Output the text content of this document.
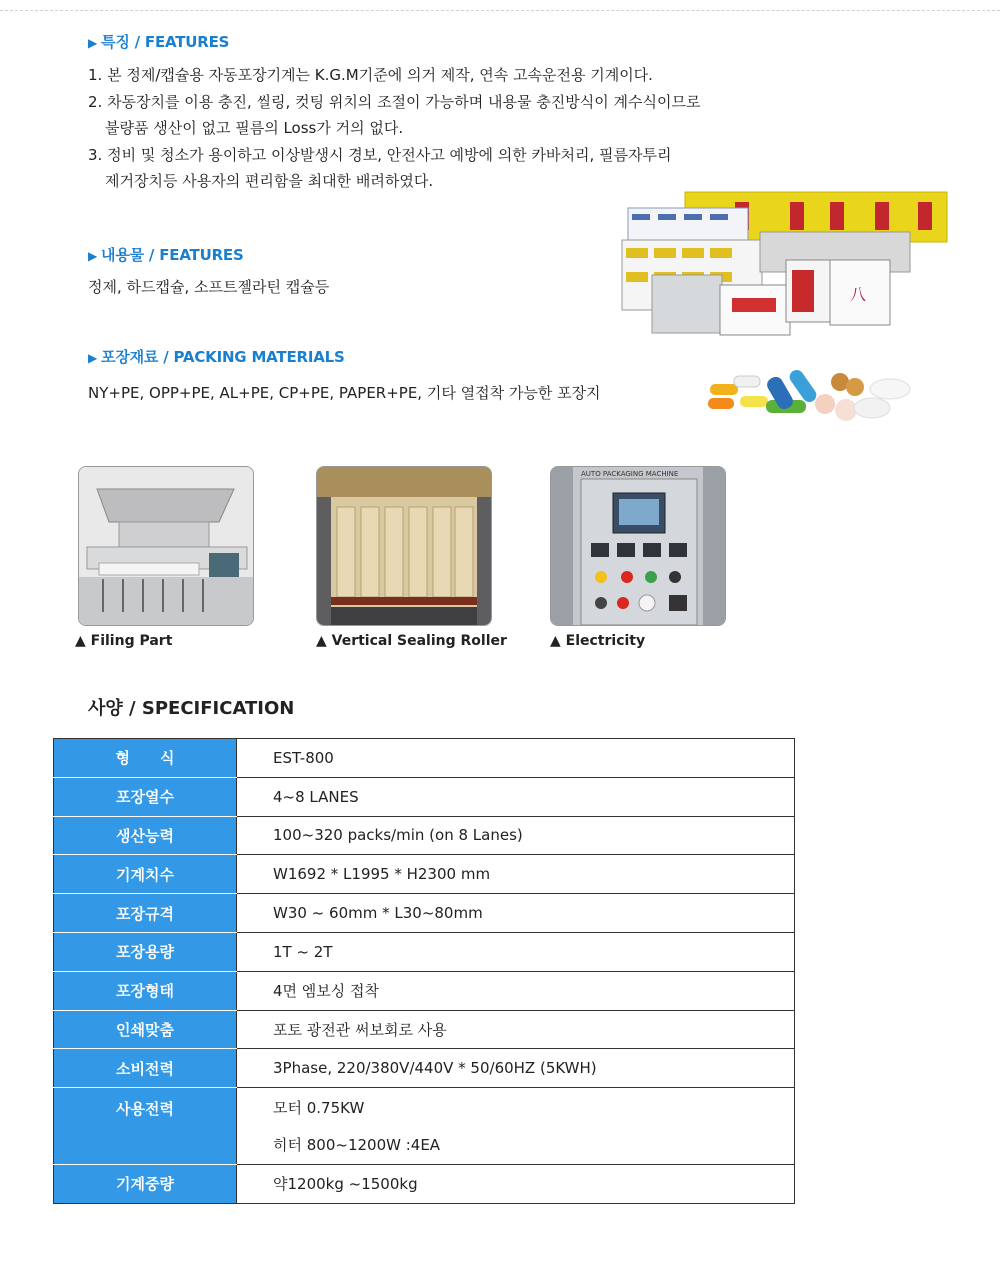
▶ 특징 / FEATURES
1. 본 정제/캡슐용 자동포장기계는 K.G.M기준에 의거 제작, 연속 고속운전용 기계이다.
2. 차동장치를 이용 충진, 씰링, 컷팅 위치의 조절이 가능하며 내용물 충진방식이 계수식이므로
불량품 생산이 없고 필름의 Loss가 거의 없다.
3. 정비 및 청소가 용이하고 이상발생시 경보, 안전사고 예방에 의한 카바처리, 필름자투리
제거장치등 사용자의 편리함을 최대한 배려하였다.
▶ 내용물 / FEATURES
정제, 하드캡슐, 소프트젤라틴 캡슐등
▶ 포장재료 / PACKING MATERIALS
NY+PE, OPP+PE, AL+PE, CP+PE, PAPER+PE, 기타 열접착 가능한 포장지
八
▲ Filing Part	▲ Vertical Sealing Roller
AUTO PACKAGING MACHINE
▲ Electricity
사양 / SPECIFICATION
형　　식	EST-800
포장열수	4~8 LANES
생산능력	100~320 packs/min (on 8 Lanes)
기계치수	W1692 * L1995 * H2300 mm
포장규격	W30 ~ 60mm * L30~80mm
포장용량	1T ~ 2T
포장형태	4면 엠보싱 접착
인쇄맞춤	포토 광전관 써보회로 사용
소비전력	3Phase, 220/380V/440V * 50/60HZ (5KWH)
사용전력	모터 0.75KW
	히터 800~1200W :4EA
기계중량	약1200kg ~1500kg
